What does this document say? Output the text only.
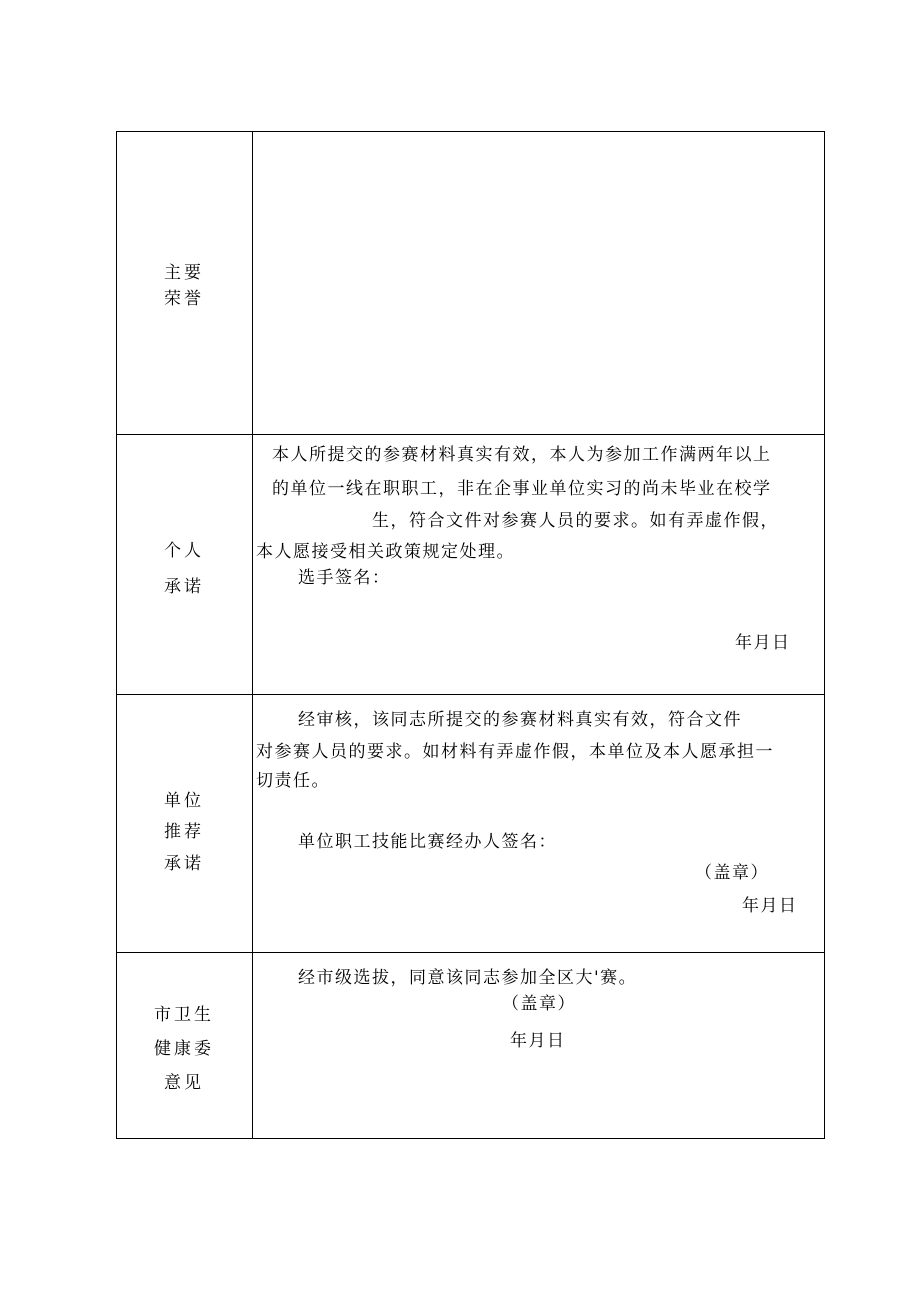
主要
荣誉
个人
承诺
本人所提交的参赛材料真实有效，本人为参加工作满两年以上
的单位一线在职职工，非在企事业单位实习的尚未毕业在校学
生，符合文件对参赛人员的要求。如有弄虚作假，
本人愿接受相关政策规定处理。
选手签名：
年月日
单位
推荐
承诺
经审核，该同志所提交的参赛材料真实有效，符合文件
对参赛人员的要求。如材料有弄虚作假，本单位及本人愿承担一
切责任。
单位职工技能比赛经办人签名：
（盖章）
年月日
市卫生
健康委
意见
经市级选拔，同意该同志参加全区大'赛。
（盖章）
年月日
